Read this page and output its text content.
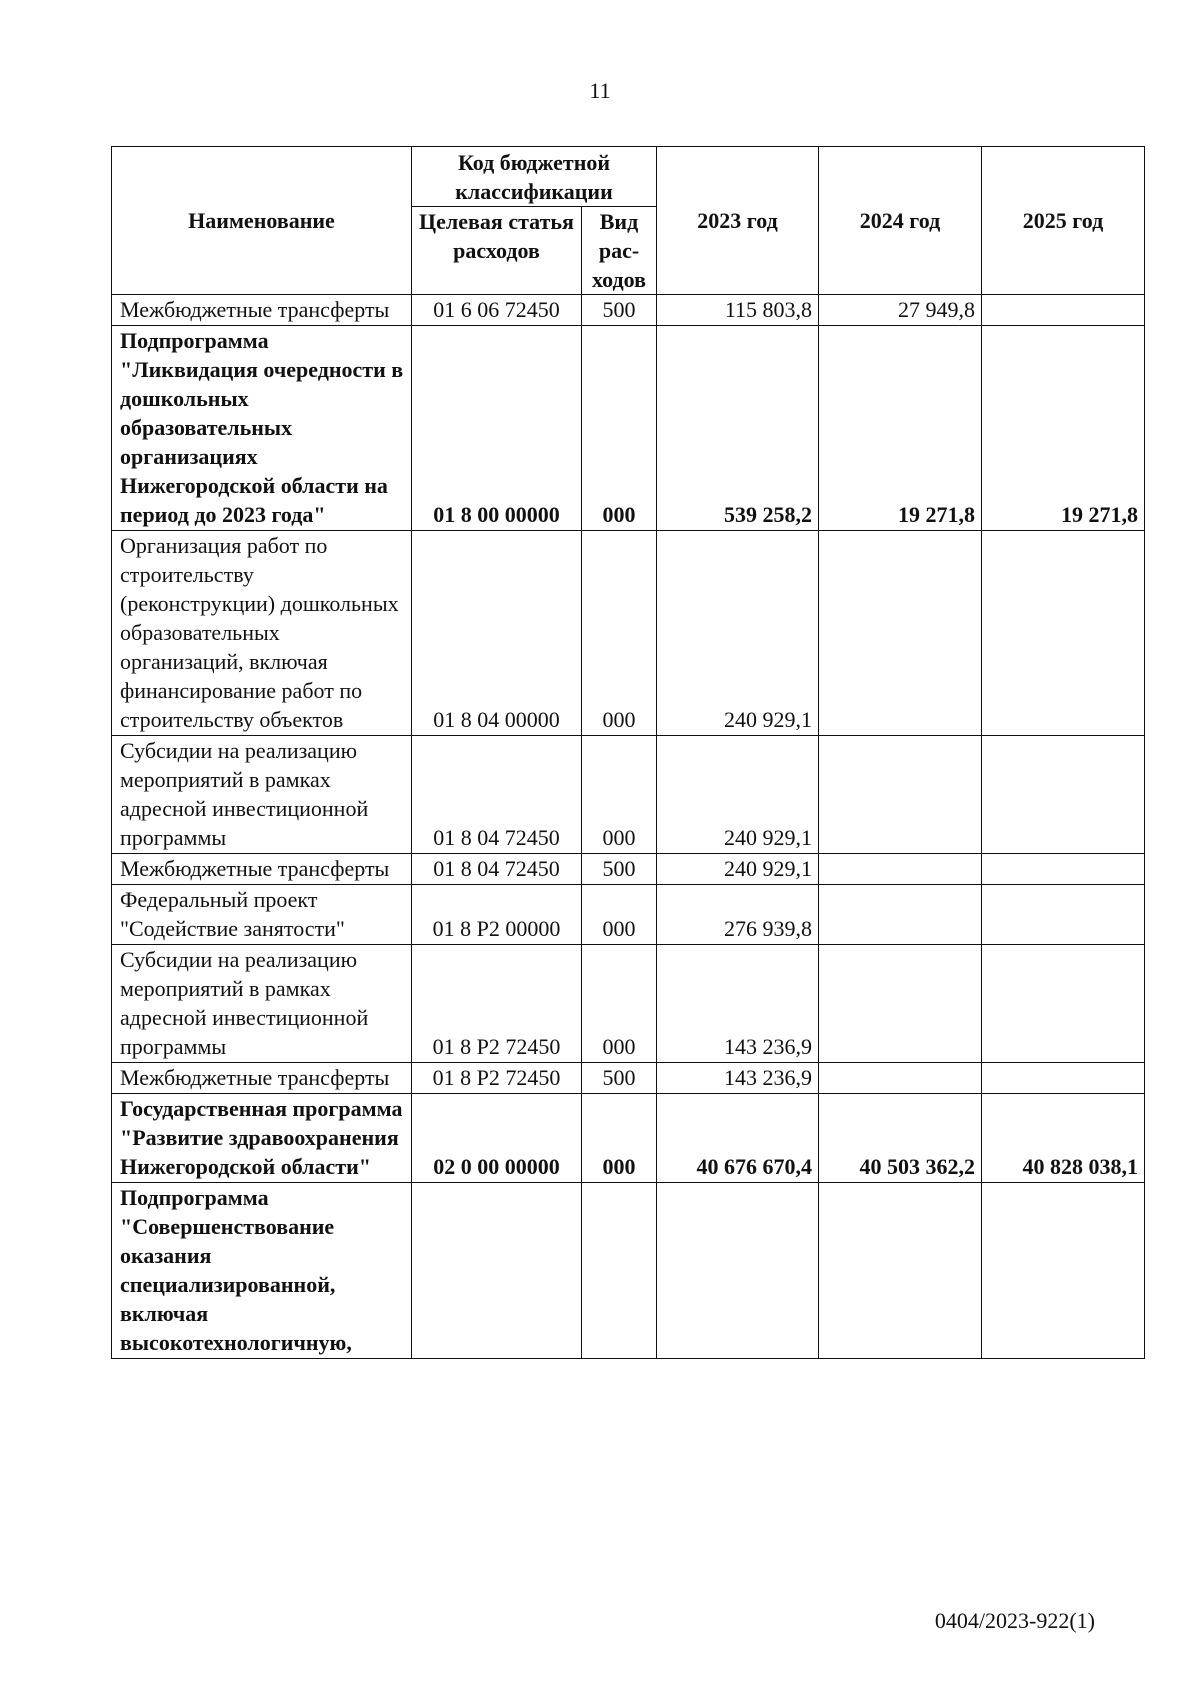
11
Наименование	Код бюджетной классификации		2023 год	2024 год	2025 год
	Целевая статья расходов	Вид рас-ходов			
Межбюджетные трансферты	01 6 06 72450	500	115 803,8	27 949,8	
Подпрограмма "Ликвидация очередности в дошкольных образовательных организациях Нижегородской области на период до 2023 года"	01 8 00 00000	000	539 258,2	19 271,8	19 271,8
Организация работ по строительству (реконструкции) дошкольных образовательных организаций, включая финансирование работ по строительству объектов	01 8 04 00000	000	240 929,1		
Субсидии на реализацию мероприятий в рамках адресной инвестиционной программы	01 8 04 72450	000	240 929,1		
Межбюджетные трансферты	01 8 04 72450	500	240 929,1		
Федеральный проект "Содействие занятости"	01 8 P2 00000	000	276 939,8		
Субсидии на реализацию мероприятий в рамках адресной инвестиционной программы	01 8 P2 72450	000	143 236,9		
Межбюджетные трансферты	01 8 P2 72450	500	143 236,9		
Государственная программа "Развитие здравоохранения Нижегородской области"	02 0 00 00000	000	40 676 670,4	40 503 362,2	40 828 038,1
Подпрограмма "Совершенствование оказания специализированной, включая высокотехнологичную,					
0404/2023-922(1)
